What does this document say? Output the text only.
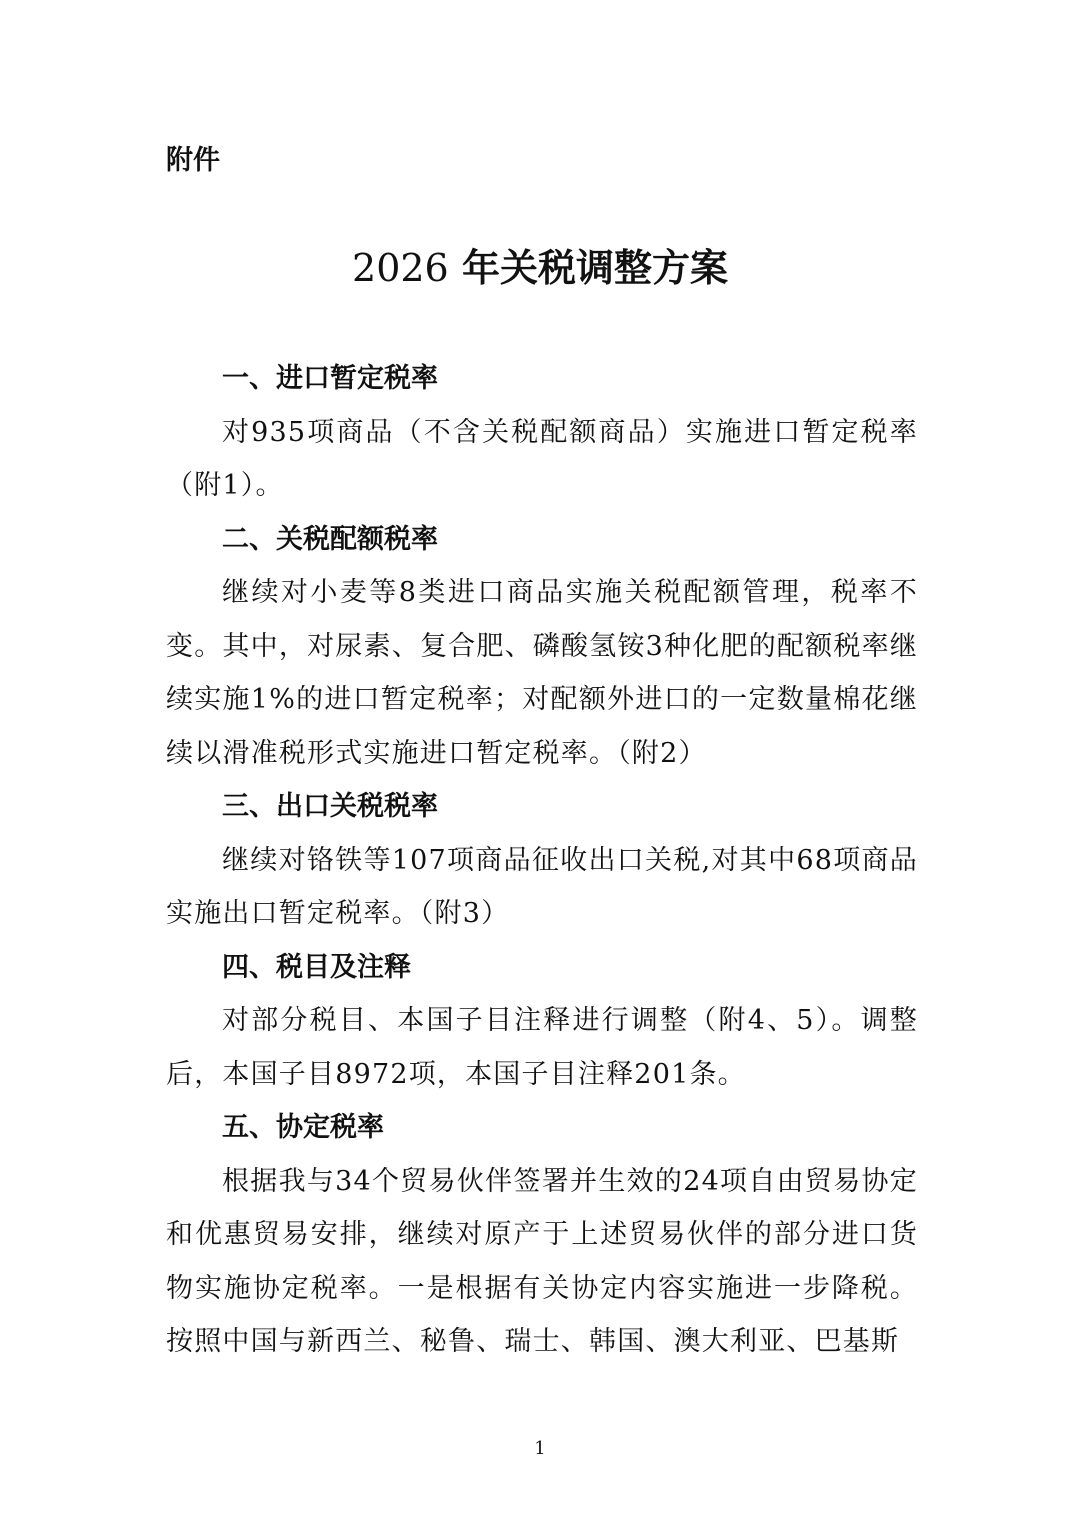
附件

2026 年关税调整方案
一、进口暂定税率

对935项商品（不含关税配额商品）实施进口暂定税率（附1）。

二、关税配额税率

继续对小麦等8类进口商品实施关税配额管理，税率不变。其中，对尿素、复合肥、磷酸氢铵3种化肥的配额税率继续实施1%的进口暂定税率；对配额外进口的一定数量棉花继续以滑准税形式实施进口暂定税率。（附2）

三、出口关税税率

继续对铬铁等107项商品征收出口关税,对其中68项商品实施出口暂定税率。（附3）

四、税目及注释

对部分税目、本国子目注释进行调整（附4、5）。调整后，本国子目8972项，本国子目注释201条。

五、协定税率

根据我与34个贸易伙伴签署并生效的24项自由贸易协定和优惠贸易安排，继续对原产于上述贸易伙伴的部分进口货物实施协定税率。一是根据有关协定内容实施进一步降税。按照中国与新西兰、秘鲁、瑞士、韩国、澳大利亚、巴基斯

1
